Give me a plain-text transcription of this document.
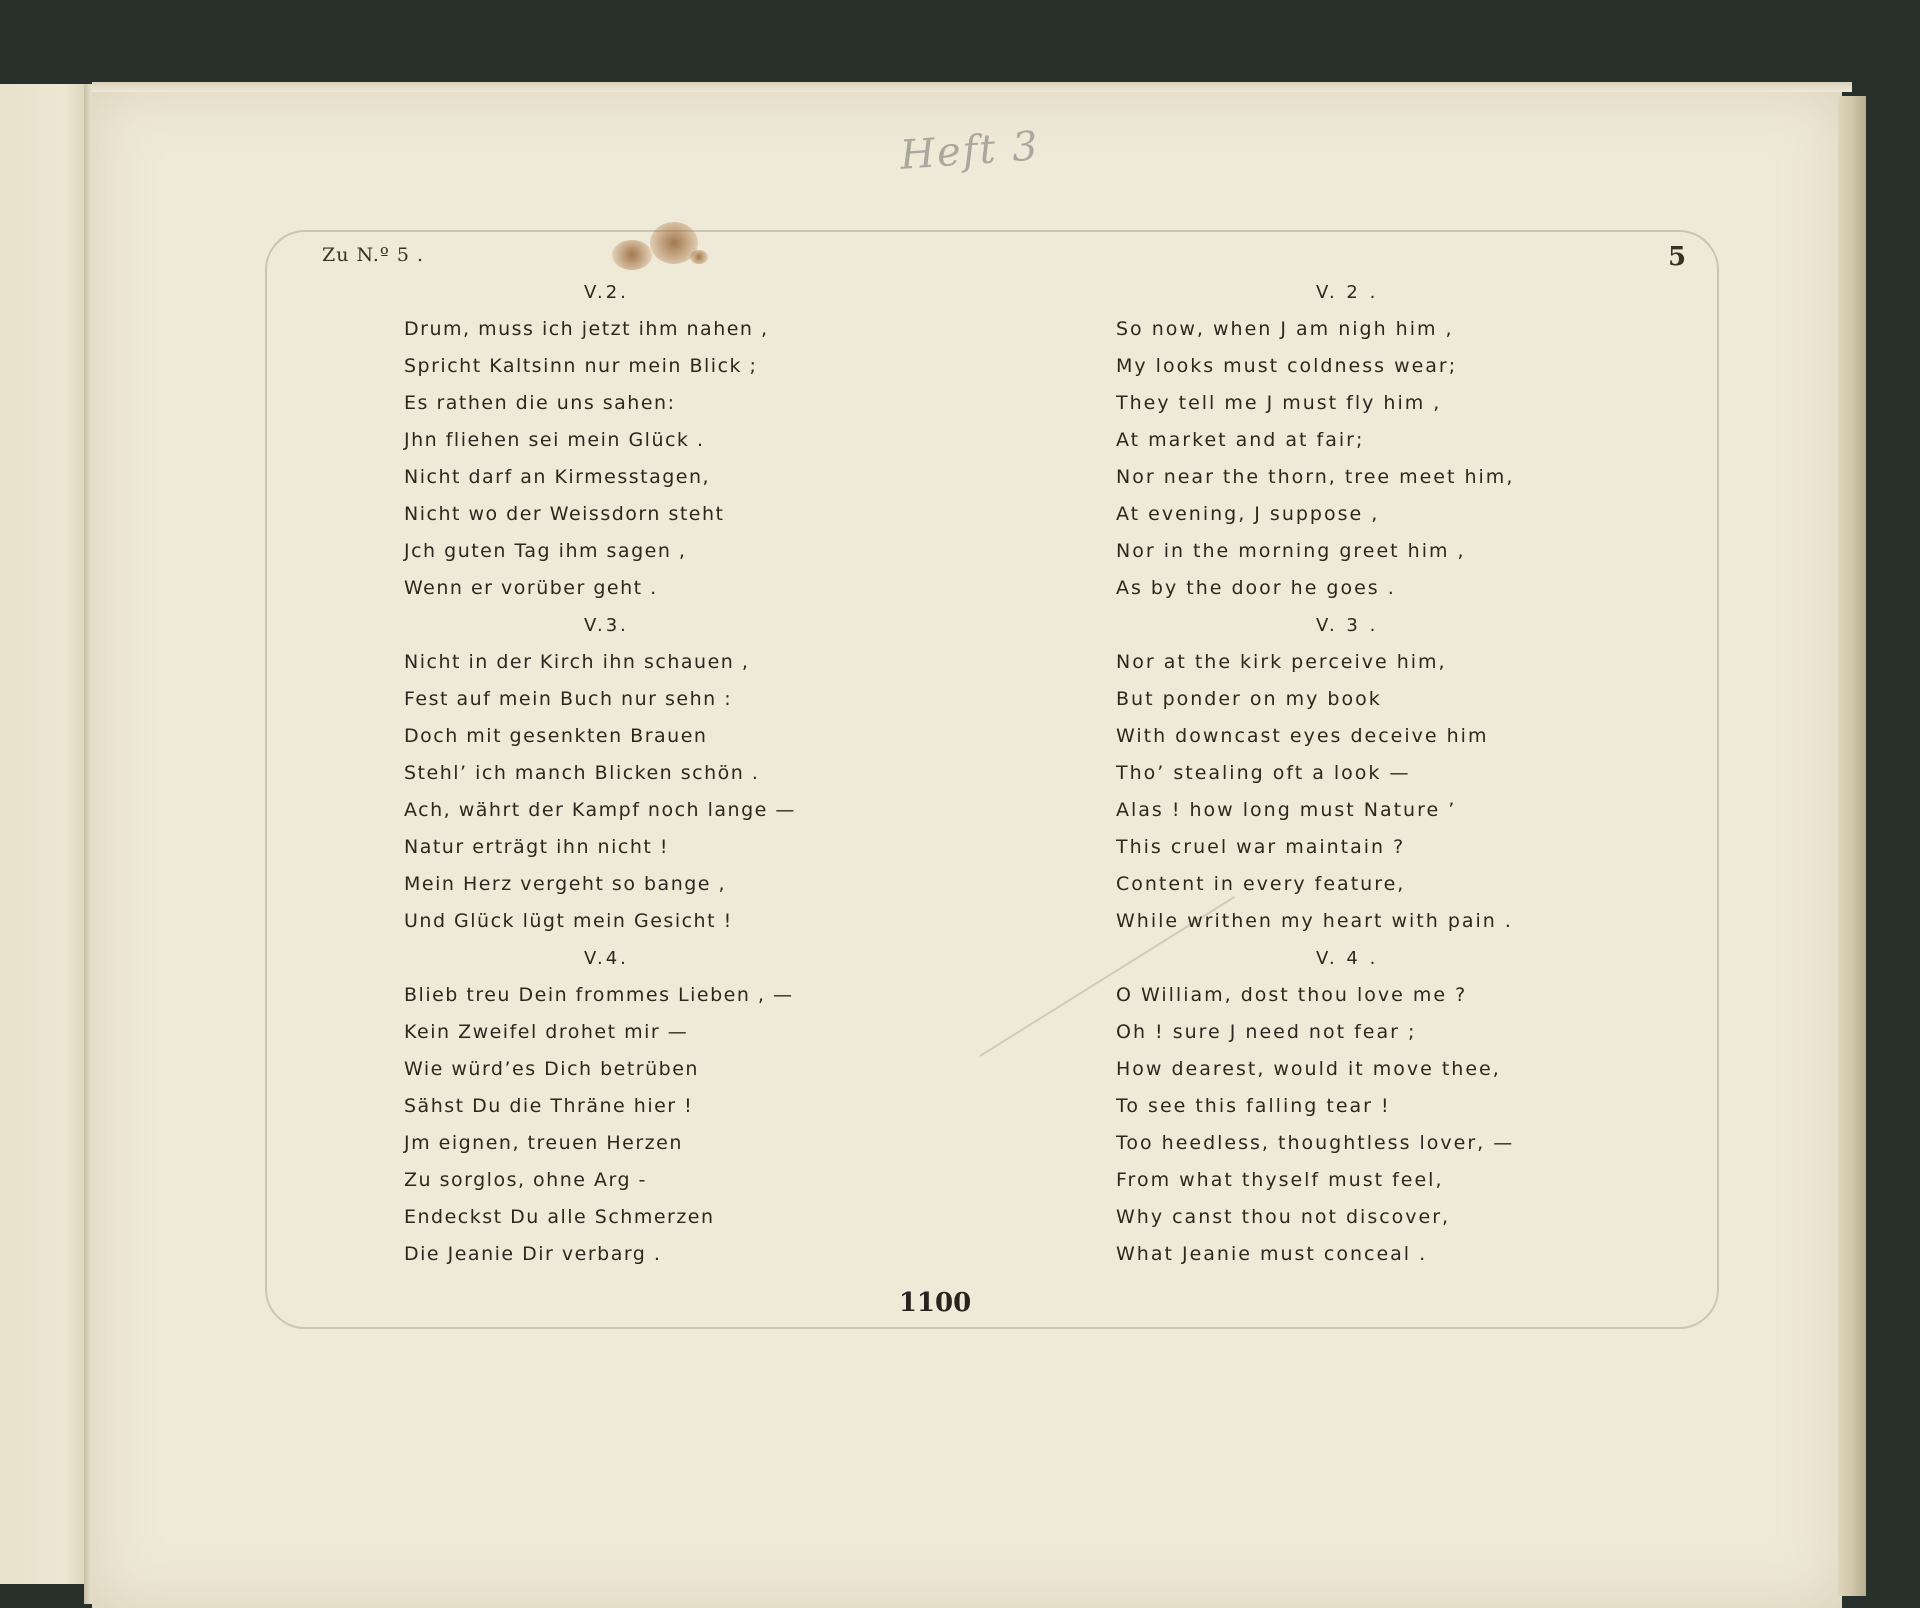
Heft 3
Zu N.º 5 .	5
V.2.
Drum, muss ich jetzt ihm nahen ,
Spricht Kaltsinn nur mein Blick ;
Es rathen die uns sahen:
Jhn fliehen sei mein Glück .
Nicht darf an Kirmesstagen,
Nicht wo der Weissdorn steht
Jch guten Tag ihm sagen ,
Wenn er vorüber geht .
V.3.
Nicht in der Kirch ihn schauen ,
Fest auf mein Buch nur sehn :
Doch mit gesenkten Brauen
Stehl’ ich manch Blicken schön .
Ach, währt der Kampf noch lange —
Natur erträgt ihn nicht !
Mein Herz vergeht so bange ,
Und Glück lügt mein Gesicht !
V.4.
Blieb treu Dein frommes Lieben , —
Kein Zweifel drohet mir —
Wie würd’es Dich betrüben
Sähst Du die Thräne hier !
Jm eignen, treuen Herzen
Zu sorglos, ohne Arg -
Endeckst Du alle Schmerzen
Die Jeanie Dir verbarg .
V. 2 .
So now, when J am nigh him ,
My looks must coldness wear;
They tell me J must fly him ,
At market and at fair;
Nor near the thorn, tree meet him,
At evening, J suppose ,
Nor in the morning greet him ,
As by the door he goes .
V. 3 .
Nor at the kirk perceive him,
But ponder on my book
With downcast eyes deceive him
Tho’ stealing oft a look —
Alas ! how long must Nature ’
This cruel war maintain ?
Content in every feature,
While writhen my heart with pain .
V. 4 .
O William, dost thou love me ?
Oh ! sure J need not fear ;
How dearest, would it move thee,
To see this falling tear !
Too heedless, thoughtless lover, —
From what thyself must feel,
Why canst thou not discover,
What Jeanie must conceal .
1100
